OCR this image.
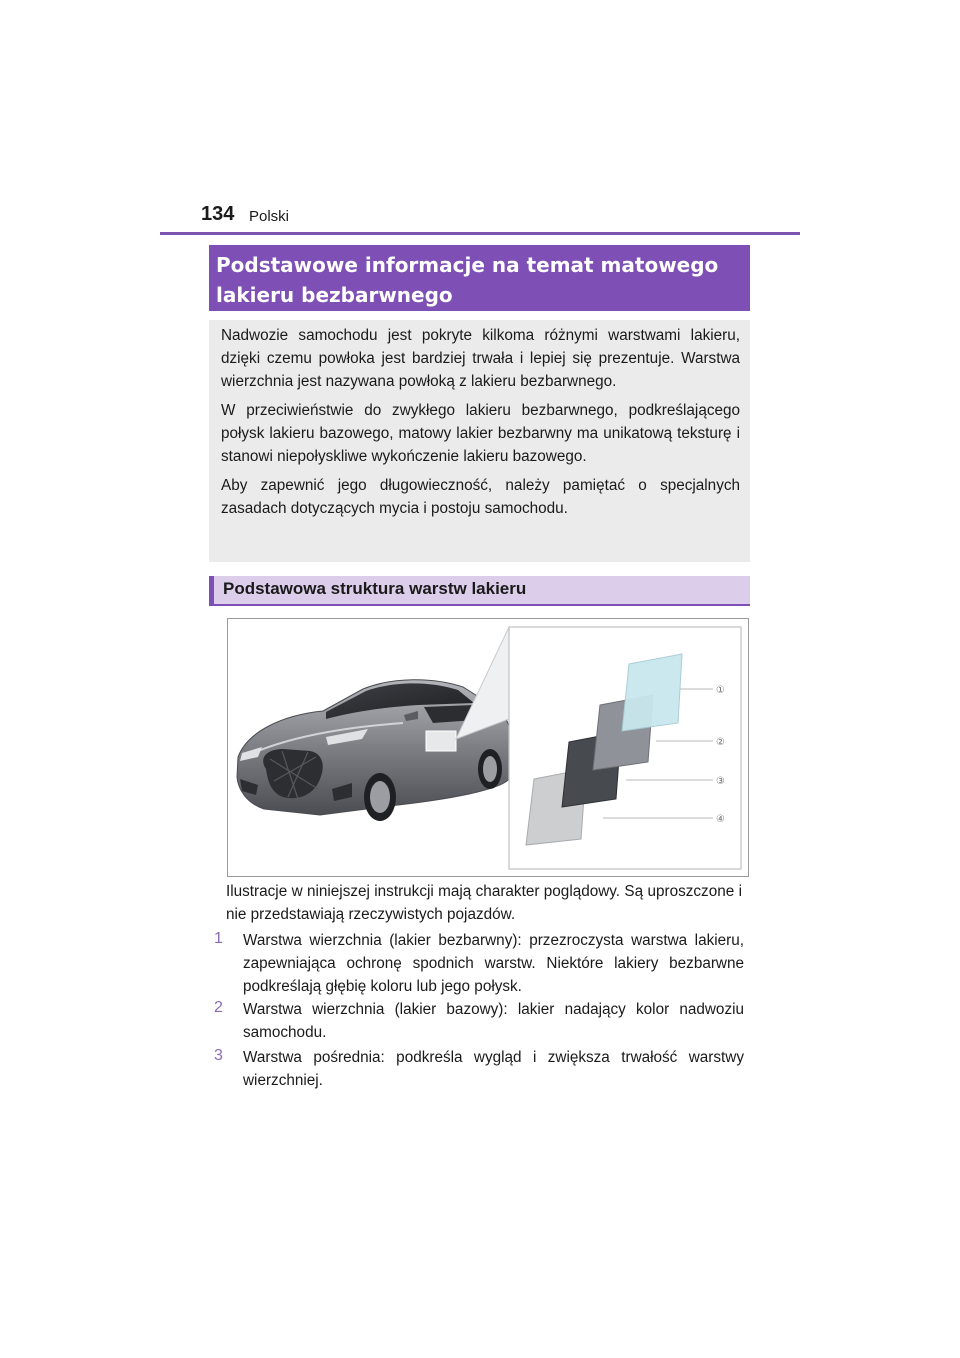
134 Polski
Podstawowe informacje na temat matowego
lakieru bezbarwnego

Nadwozie samochodu jest pokryte kilkoma różnymi warstwami lakieru, dzięki czemu powłoka jest bardziej trwała i lepiej się prezentuje. Warstwa wierzchnia jest nazywana powłoką z lakieru bezbarwnego.

W przeciwieństwie do zwykłego lakieru bezbarwnego, podkreślającego połysk lakieru bazowego, matowy lakier bezbarwny ma unikatową teksturę i stanowi niepołyskliwe wykończenie lakieru bazowego.

Aby zapewnić jego długowieczność, należy pamiętać o specjalnych zasadach dotyczących mycia i postoju samochodu.

Podstawowa struktura warstw lakieru
①
②
③
④
Ilustracje w niniejszej instrukcji mają charakter poglądowy. Są uproszczone i nie przedstawiają rzeczywistych pojazdów.
1 Warstwa wierzchnia (lakier bezbarwny): przezroczysta warstwa lakieru, zapewniająca ochronę spodnich warstw. Niektóre lakiery bezbarwne podkreślają głębię koloru lub jego połysk.
2 Warstwa wierzchnia (lakier bazowy): lakier nadający kolor nadwoziu samochodu.
3 Warstwa pośrednia: podkreśla wygląd i zwiększa trwałość warstwy wierzchniej.
